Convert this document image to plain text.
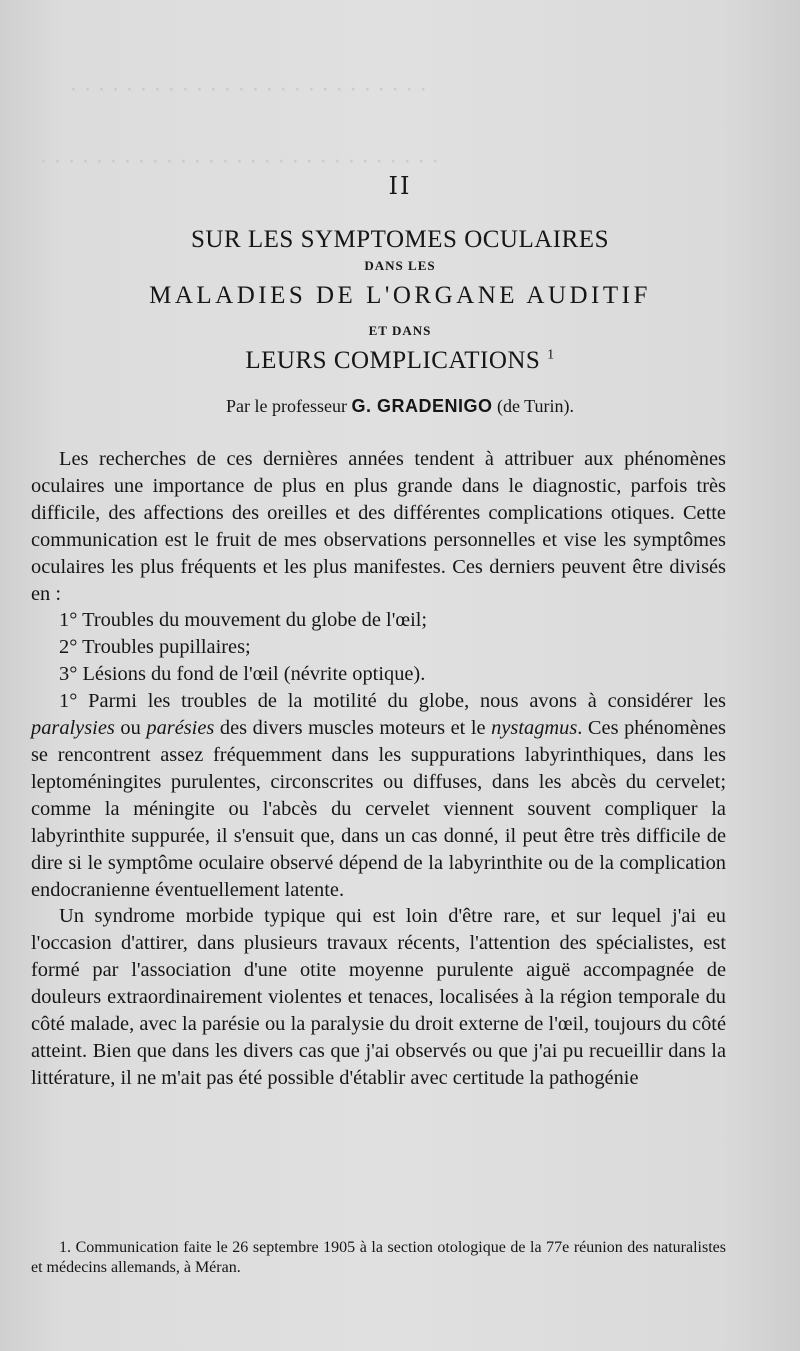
· · · · · · · · · · · · · · · · · · · · · · · · · ·
· · · · · · · · · · · · · · · · · · · · · · · · · · · · ·
II
SUR LES SYMPTOMES OCULAIRES
DANS LES
MALADIES DE L'ORGANE AUDITIF
ET DANS
LEURS COMPLICATIONS $^1$
Par le professeur G. GRADENIGO (de Turin).

Les recherches de ces dernières années tendent à attribuer aux phénomènes oculaires une importance de plus en plus grande dans le diagnostic, parfois très difficile, des affections des oreilles et des différentes complications otiques. Cette communication est le fruit de mes observations personnelles et vise les symptômes oculaires les plus fréquents et les plus manifestes. Ces derniers peuvent être divisés en :

1° Troubles du mouvement du globe de l'œil;

2° Troubles pupillaires;

3° Lésions du fond de l'œil (névrite optique).

1° Parmi les troubles de la motilité du globe, nous avons à considérer les paralysies ou parésies des divers muscles moteurs et le nystagmus. Ces phénomènes se rencontrent assez fréquemment dans les suppurations labyrinthiques, dans les leptoméningites purulentes, circonscrites ou diffuses, dans les abcès du cervelet; comme la méningite ou l'abcès du cervelet viennent souvent compliquer la labyrinthite suppurée, il s'ensuit que, dans un cas donné, il peut être très difficile de dire si le symptôme oculaire observé dépend de la labyrinthite ou de la complication endocranienne éventuellement latente.

Un syndrome morbide typique qui est loin d'être rare, et sur lequel j'ai eu l'occasion d'attirer, dans plusieurs travaux récents, l'attention des spécialistes, est formé par l'association d'une otite moyenne purulente aiguë accompagnée de douleurs extraordinairement violentes et tenaces, localisées à la région temporale du côté malade, avec la parésie ou la paralysie du droit externe de l'œil, toujours du côté atteint. Bien que dans les divers cas que j'ai observés ou que j'ai pu recueillir dans la littérature, il ne m'ait pas été possible d'établir avec certitude la pathogénie

1. Communication faite le 26 septembre 1905 à la section otologique de la 77e réunion des naturalistes et médecins allemands, à Méran.
